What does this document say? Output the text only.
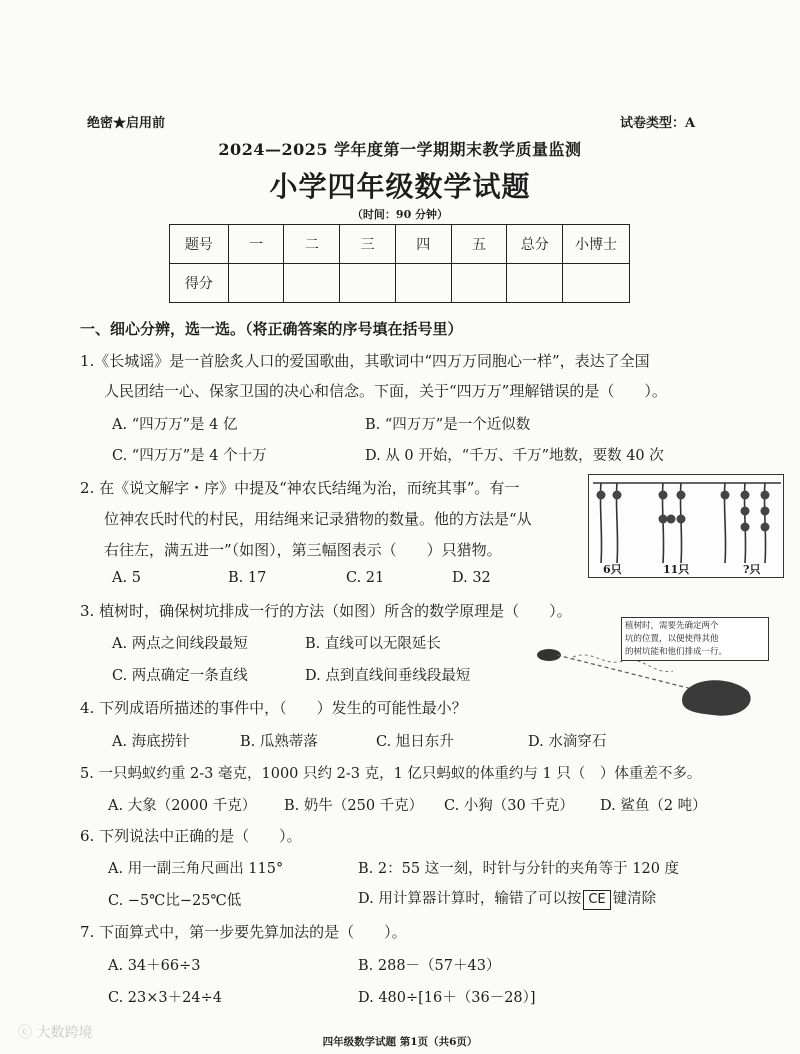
绝密★启用前	试卷类型：A
2024—2025 学年度第一学期期末教学质量监测
小学四年级数学试题
（时间：90 分钟）
题号	一	二	三	四	五	总分	小博士
得分							
一、细心分辨，选一选。（将正确答案的序号填在括号里）
1.《长城谣》是一首脍炙人口的爱国歌曲，其歌词中“四万万同胞心一样”，表达了全国
人民团结一心、保家卫国的决心和信念。下面，关于“四万万”理解错误的是（　　）。
A. “四万万”是 4 亿	B. “四万万”是一个近似数
C. “四万万”是 4 个十万	D. 从 0 开始，“千万、千万”地数，要数 40 次
2. 在《说文解字・序》中提及“神农氏结绳为治，而统其事”。有一
位神农氏时代的村民，用结绳来记录猎物的数量。他的方法是“从
右往左，满五进一”（如图），第三幅图表示（　　）只猎物。
A. 5	B. 17	C. 21	D. 32
6只	11只	?只
3. 植树时，确保树坑排成一行的方法（如图）所含的数学原理是（　　）。
A. 两点之间线段最短	B. 直线可以无限延长
C. 两点确定一条直线	D. 点到直线间垂线段最短
植树时，需要先确定两个
坑的位置，以便使得其他
的树坑能和他们排成一行。
4. 下列成语所描述的事件中，（　　）发生的可能性最小？
A. 海底捞针	B. 瓜熟蒂落	C. 旭日东升	D. 水滴穿石
5. 一只蚂蚁约重 2-3 毫克，1000 只约 2-3 克，1 亿只蚂蚁的体重约与 1 只（　）体重差不多。
A. 大象（2000 千克） B. 奶牛（250 千克） C. 小狗（30 千克） D. 鲨鱼（2 吨）
6. 下列说法中正确的是（　　）。
A. 用一副三角尺画出 115°	B. 2：55 这一刻，时针与分针的夹角等于 120 度
C. −5℃比−25℃低	D. 用计算器计算时，输错了可以按 CE 键清除
7. 下面算式中，第一步要先算加法的是（　　）。
A. 34＋66÷3	B. 288－（57＋43）
C. 23×3＋24÷4	D. 480÷[16＋（36－28）]
四年级数学试题 第1页（共6页）
ⓒ 大数跨境
